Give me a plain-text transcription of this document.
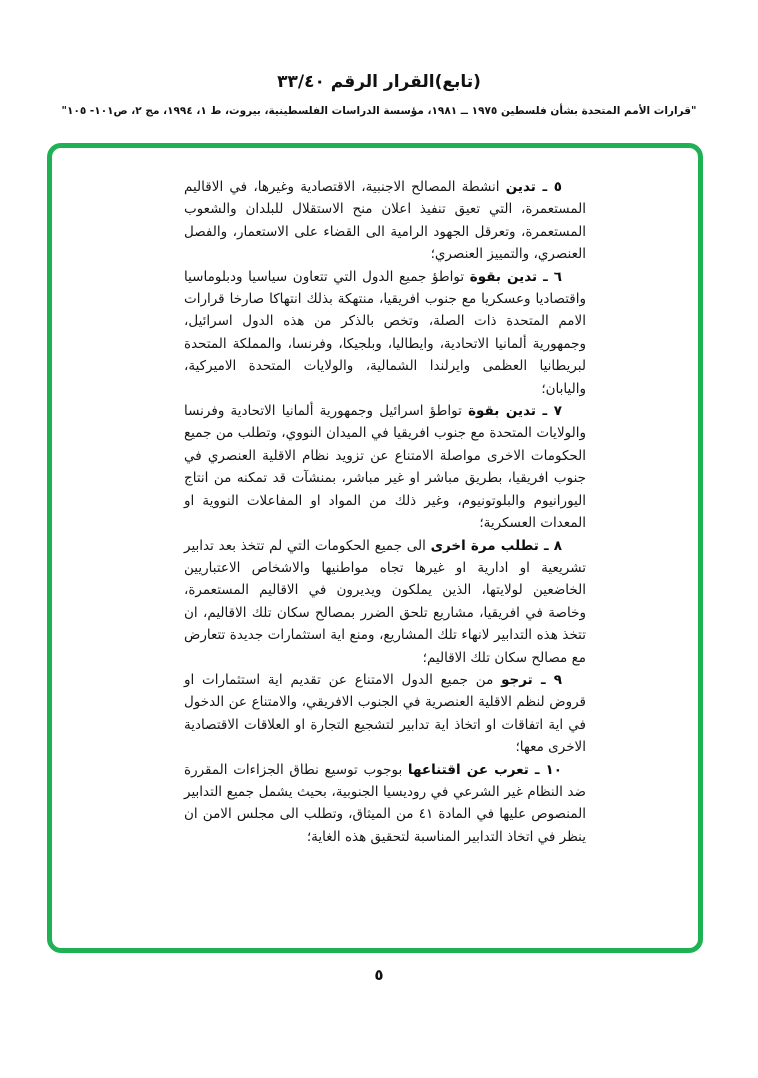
(تابع)القرار الرقم ٣٣/٤٠
"قرارات الأمم المتحدة بشأن فلسطين ١٩٧٥ ــ ١٩٨١، مؤسسة الدراسات الفلسطينية، بيروت، ط ١، ١٩٩٤، مج ٢، ص١٠١- ١٠٥"

٥ ـ تدين انشطة المصالح الاجنبية، الاقتصادية وغيرها، في الاقاليم المستعمرة، التي تعيق تنفيذ اعلان منح الاستقلال للبلدان والشعوب المستعمرة، وتعرقل الجهود الرامية الى القضاء على الاستعمار، والفصل العنصري، والتمييز العنصري؛

٦ ـ تدين بقوة تواطؤ جميع الدول التي تتعاون سياسيا ودبلوماسيا واقتصاديا وعسكريا مع جنوب افريقيا، منتهكة بذلك انتهاكا صارخا قرارات الامم المتحدة ذات الصلة، وتخص بالذكر من هذه الدول اسرائيل، وجمهورية ألمانيا الاتحادية، وايطاليا، وبلجيكا، وفرنسا، والمملكة المتحدة لبريطانيا العظمى وايرلندا الشمالية، والولايات المتحدة الاميركية، واليابان؛

٧ ـ تدين بقوة تواطؤ اسرائيل وجمهورية ألمانيا الاتحادية وفرنسا والولايات المتحدة مع جنوب افريقيا في الميدان النووي، وتطلب من جميع الحكومات الاخرى مواصلة الامتناع عن تزويد نظام الاقلية العنصري في جنوب افريقيا، بطريق مباشر او غير مباشر، بمنشآت قد تمكنه من انتاج اليورانيوم والبلوتونيوم، وغير ذلك من المواد او المفاعلات النووية او المعدات العسكرية؛

٨ ـ تطلب مرة اخرى الى جميع الحكومات التي لم تتخذ بعد تدابير تشريعية او ادارية او غيرها تجاه مواطنيها والاشخاص الاعتباريين الخاضعين لولايتها، الذين يملكون ويديرون في الاقاليم المستعمرة، وخاصة في افريقيا، مشاريع تلحق الضرر بمصالح سكان تلك الاقاليم، ان تتخذ هذه التدابير لانهاء تلك المشاريع، ومنع اية استثمارات جديدة تتعارض مع مصالح سكان تلك الاقاليم؛

٩ ـ ترجو من جميع الدول الامتناع عن تقديم اية استثمارات او قروض لنظم الاقلية العنصرية في الجنوب الافريقي، والامتناع عن الدخول في اية اتفاقات او اتخاذ اية تدابير لتشجيع التجارة او العلاقات الاقتصادية الاخرى معها؛

١٠ ـ تعرب عن اقتناعها بوجوب توسيع نطاق الجزاءات المقررة ضد النظام غير الشرعي في روديسيا الجنوبية، بحيث يشمل جميع التدابير المنصوص عليها في المادة ٤١ من الميثاق، وتطلب الى مجلس الامن ان ينظر في اتخاذ التدابير المناسبة لتحقيق هذه الغاية؛

٥
